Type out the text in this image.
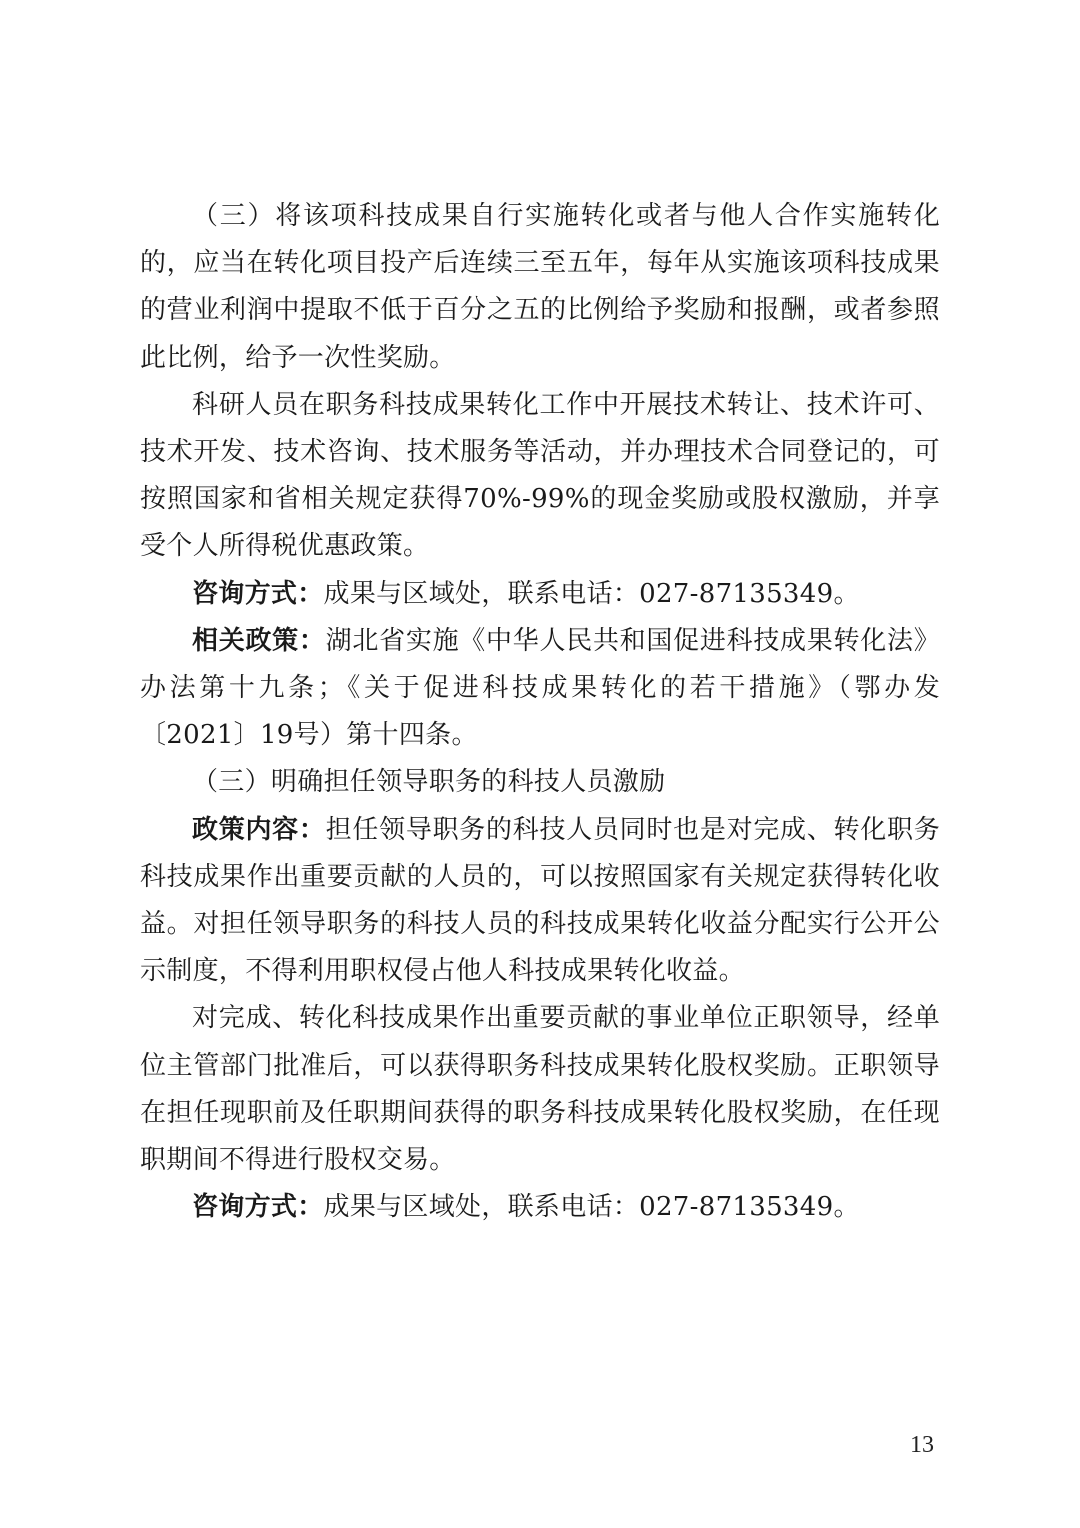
（三）将该项科技成果自行实施转化或者与他人合作实施转化的，应当在转化项目投产后连续三至五年，每年从实施该项科技成果的营业利润中提取不低于百分之五的比例给予奖励和报酬，或者参照此比例，给予一次性奖励。

科研人员在职务科技成果转化工作中开展技术转让、技术许可、技术开发、技术咨询、技术服务等活动，并办理技术合同登记的，可按照国家和省相关规定获得70%-99%的现金奖励或股权激励，并享受个人所得税优惠政策。

咨询方式：成果与区域处，联系电话：027-87135349。

相关政策：湖北省实施《中华人民共和国促进科技成果转化法》办法第十九条；《关于促进科技成果转化的若干措施》（鄂办发〔2021〕19号）第十四条。

（三）明确担任领导职务的科技人员激励

政策内容：担任领导职务的科技人员同时也是对完成、转化职务科技成果作出重要贡献的人员的，可以按照国家有关规定获得转化收益。对担任领导职务的科技人员的科技成果转化收益分配实行公开公示制度，不得利用职权侵占他人科技成果转化收益。

对完成、转化科技成果作出重要贡献的事业单位正职领导，经单位主管部门批准后，可以获得职务科技成果转化股权奖励。正职领导在担任现职前及任职期间获得的职务科技成果转化股权奖励，在任现职期间不得进行股权交易。

咨询方式：成果与区域处，联系电话：027-87135349。

13
